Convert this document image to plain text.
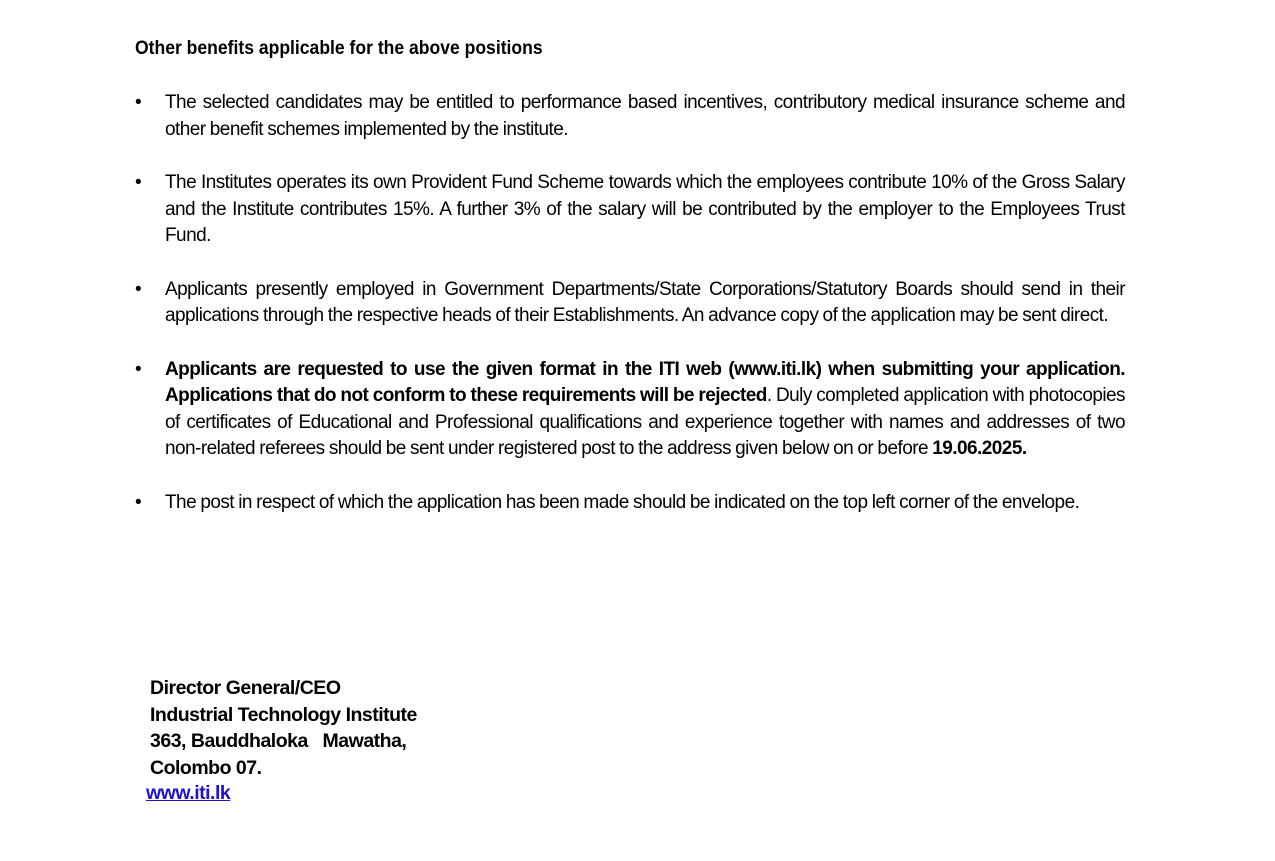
Other benefits applicable for the above positions
• The selected candidates may be entitled to performance based incentives, contributory medical insurance scheme and other benefit schemes implemented by the institute.
• The Institutes operates its own Provident Fund Scheme towards which the employees contribute 10% of the Gross Salary and the Institute contributes 15%. A further 3% of the salary will be contributed by the employer to the Employees Trust Fund.
• Applicants presently employed in Government Departments/State Corporations/Statutory Boards should send in their applications through the respective heads of their Establishments. An advance copy of the application may be sent direct.
• Applicants are requested to use the given format in the ITI web (www.iti.lk) when submitting your application. Applications that do not conform to these requirements will be rejected. Duly completed application with photocopies of certificates of Educational and Professional qualifications and experience together with names and addresses of two non-related referees should be sent under registered post to the address given below on or before 19.06.2025.
• The post in respect of which the application has been made should be indicated on the top left corner of the envelope.
Director General/CEO
Industrial Technology Institute
363, Bauddhaloka   Mawatha,
Colombo 07.
www.iti.lk
